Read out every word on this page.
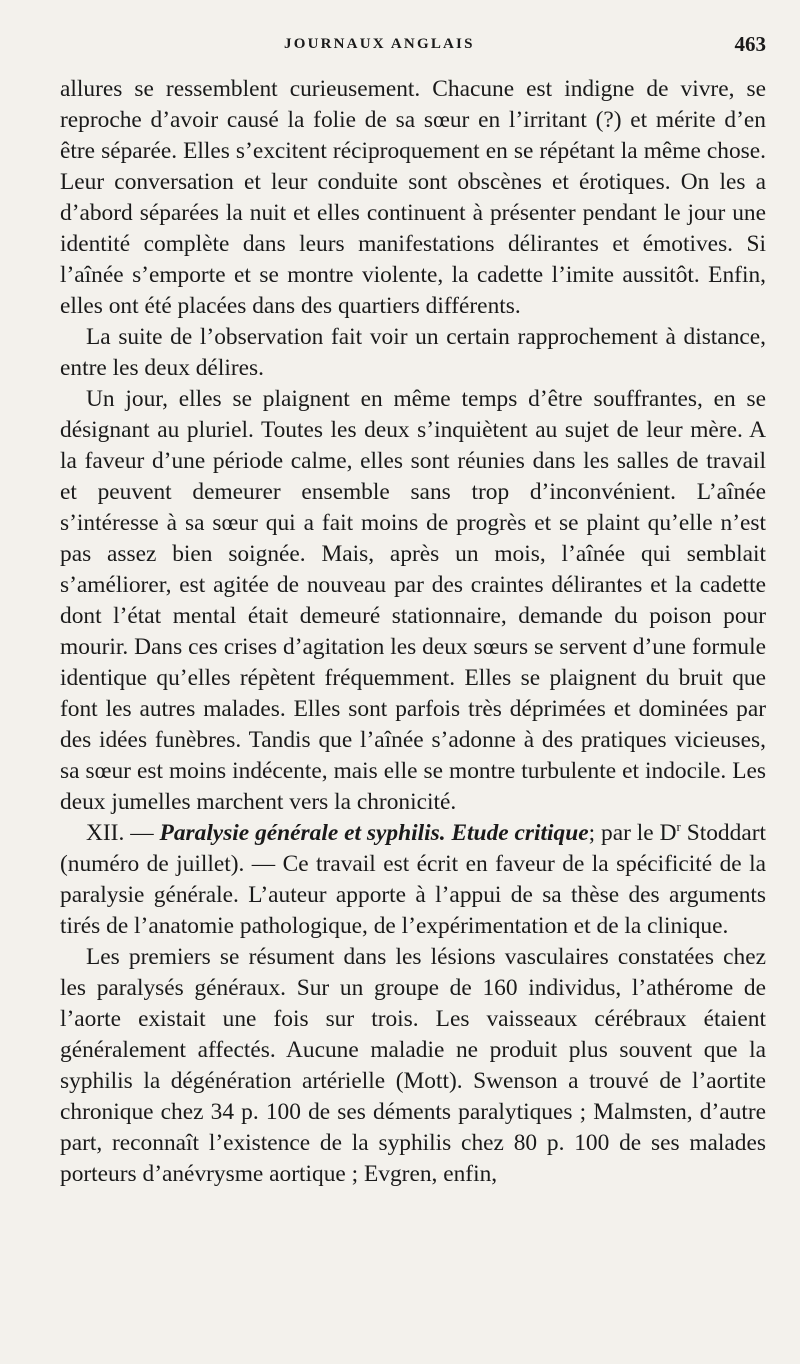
JOURNAUX ANGLAIS	463

allures se ressemblent curieusement. Chacune est indigne de vivre, se reproche d’avoir causé la folie de sa sœur en l’irritant (?) et mérite d’en être séparée. Elles s’excitent réciproquement en se répétant la même chose. Leur conversation et leur conduite sont obscènes et érotiques. On les a d’abord séparées la nuit et elles continuent à présenter pendant le jour une identité complète dans leurs manifestations délirantes et émotives. Si l’aînée s’emporte et se montre violente, la cadette l’imite aussitôt. Enfin, elles ont été placées dans des quartiers différents.

La suite de l’observation fait voir un certain rapprochement à distance, entre les deux délires.

Un jour, elles se plaignent en même temps d’être souffrantes, en se désignant au pluriel. Toutes les deux s’inquiètent au sujet de leur mère. A la faveur d’une période calme, elles sont réunies dans les salles de travail et peuvent demeurer ensemble sans trop d’inconvénient. L’aînée s’intéresse à sa sœur qui a fait moins de progrès et se plaint qu’elle n’est pas assez bien soignée. Mais, après un mois, l’aînée qui semblait s’améliorer, est agitée de nouveau par des craintes délirantes et la cadette dont l’état mental était demeuré stationnaire, demande du poison pour mourir. Dans ces crises d’agitation les deux sœurs se servent d’une formule identique qu’elles répètent fréquemment. Elles se plaignent du bruit que font les autres malades. Elles sont parfois très déprimées et dominées par des idées funèbres. Tandis que l’aînée s’adonne à des pratiques vicieuses, sa sœur est moins indécente, mais elle se montre turbulente et indocile. Les deux jumelles marchent vers la chronicité.

XII. — Paralysie générale et syphilis. Etude critique; par le $D^r$ Stoddart (numéro de juillet). — Ce travail est écrit en faveur de la spécificité de la paralysie générale. L’auteur apporte à l’appui de sa thèse des arguments tirés de l’anatomie pathologique, de l’expérimentation et de la clinique.

Les premiers se résument dans les lésions vasculaires constatées chez les paralysés généraux. Sur un groupe de 160 individus, l’athérome de l’aorte existait une fois sur trois. Les vaisseaux cérébraux étaient généralement affectés. Aucune maladie ne produit plus souvent que la syphilis la dégénération artérielle (Mott). Swenson a trouvé de l’aortite chronique chez 34 p. 100 de ses déments paralytiques ; Malmsten, d’autre part, reconnaît l’existence de la syphilis chez 80 p. 100 de ses malades porteurs d’anévrysme aortique ; Evgren, enfin,
